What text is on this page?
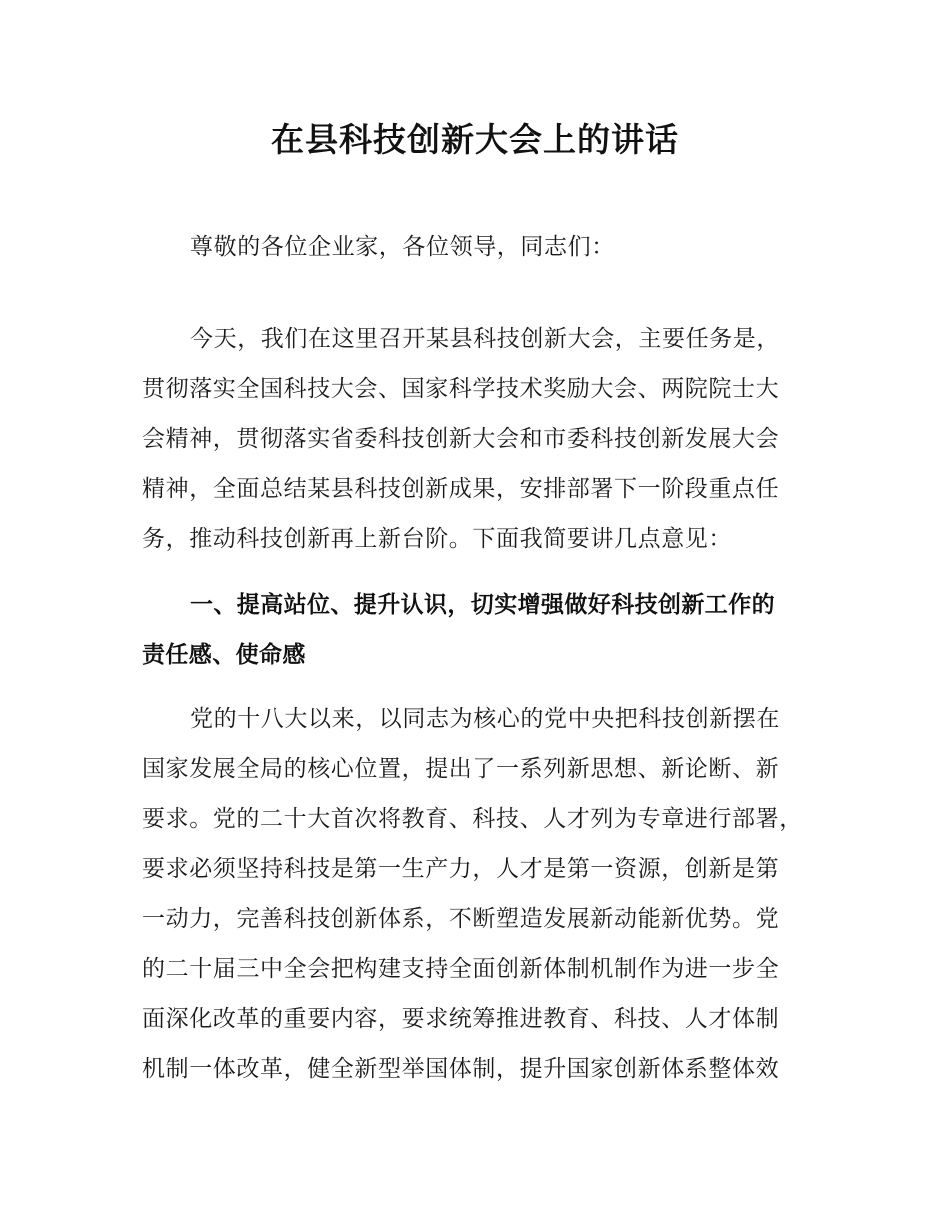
在县科技创新大会上的讲话

尊敬的各位企业家，各位领导，同志们：

今天，我们在这里召开某县科技创新大会，主要任务是，
贯彻落实全国科技大会、国家科学技术奖励大会、两院院士大
会精神，贯彻落实省委科技创新大会和市委科技创新发展大会
精神，全面总结某县科技创新成果，安排部署下一阶段重点任
务，推动科技创新再上新台阶。下面我简要讲几点意见：

一、提高站位、提升认识，切实增强做好科技创新工作的
责任感、使命感

党的十八大以来，以同志为核心的党中央把科技创新摆在
国家发展全局的核心位置，提出了一系列新思想、新论断、新
要求。党的二十大首次将教育、科技、人才列为专章进行部署，
要求必须坚持科技是第一生产力，人才是第一资源，创新是第
一动力，完善科技创新体系，不断塑造发展新动能新优势。党
的二十届三中全会把构建支持全面创新体制机制作为进一步全
面深化改革的重要内容，要求统筹推进教育、科技、人才体制
机制一体改革，健全新型举国体制，提升国家创新体系整体效
